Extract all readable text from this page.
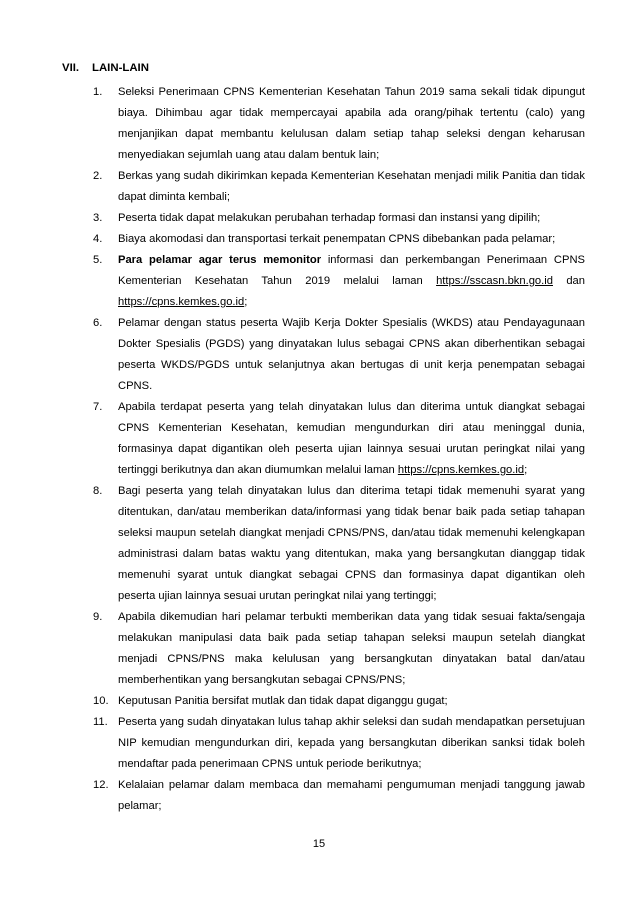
VII. LAIN-LAIN
1. Seleksi Penerimaan CPNS Kementerian Kesehatan Tahun 2019 sama sekali tidak dipungut biaya. Dihimbau agar tidak mempercayai apabila ada orang/pihak tertentu (calo) yang menjanjikan dapat membantu kelulusan dalam setiap tahap seleksi dengan keharusan menyediakan sejumlah uang atau dalam bentuk lain;
2. Berkas yang sudah dikirimkan kepada Kementerian Kesehatan menjadi milik Panitia dan tidak dapat diminta kembali;
3. Peserta tidak dapat melakukan perubahan terhadap formasi dan instansi yang dipilih;
4. Biaya akomodasi dan transportasi terkait penempatan CPNS dibebankan pada pelamar;
5. Para pelamar agar terus memonitor informasi dan perkembangan Penerimaan CPNS Kementerian Kesehatan Tahun 2019 melalui laman https://sscasn.bkn.go.id dan https://cpns.kemkes.go.id;
6. Pelamar dengan status peserta Wajib Kerja Dokter Spesialis (WKDS) atau Pendayagunaan Dokter Spesialis (PGDS) yang dinyatakan lulus sebagai CPNS akan diberhentikan sebagai peserta WKDS/PGDS untuk selanjutnya akan bertugas di unit kerja penempatan sebagai CPNS.
7. Apabila terdapat peserta yang telah dinyatakan lulus dan diterima untuk diangkat sebagai CPNS Kementerian Kesehatan, kemudian mengundurkan diri atau meninggal dunia, formasinya dapat digantikan oleh peserta ujian lainnya sesuai urutan peringkat nilai yang tertinggi berikutnya dan akan diumumkan melalui laman https://cpns.kemkes.go.id;
8. Bagi peserta yang telah dinyatakan lulus dan diterima tetapi tidak memenuhi syarat yang ditentukan, dan/atau memberikan data/informasi yang tidak benar baik pada setiap tahapan seleksi maupun setelah diangkat menjadi CPNS/PNS, dan/atau tidak memenuhi kelengkapan administrasi dalam batas waktu yang ditentukan, maka yang bersangkutan dianggap tidak memenuhi syarat untuk diangkat sebagai CPNS dan formasinya dapat digantikan oleh peserta ujian lainnya sesuai urutan peringkat nilai yang tertinggi;
9. Apabila dikemudian hari pelamar terbukti memberikan data yang tidak sesuai fakta/sengaja melakukan manipulasi data baik pada setiap tahapan seleksi maupun setelah diangkat menjadi CPNS/PNS maka kelulusan yang bersangkutan dinyatakan batal dan/atau memberhentikan yang bersangkutan sebagai CPNS/PNS;
10. Keputusan Panitia bersifat mutlak dan tidak dapat diganggu gugat;
11. Peserta yang sudah dinyatakan lulus tahap akhir seleksi dan sudah mendapatkan persetujuan NIP kemudian mengundurkan diri, kepada yang bersangkutan diberikan sanksi tidak boleh mendaftar pada penerimaan CPNS untuk periode berikutnya;
12. Kelalaian pelamar dalam membaca dan memahami pengumuman menjadi tanggung jawab pelamar;
15
